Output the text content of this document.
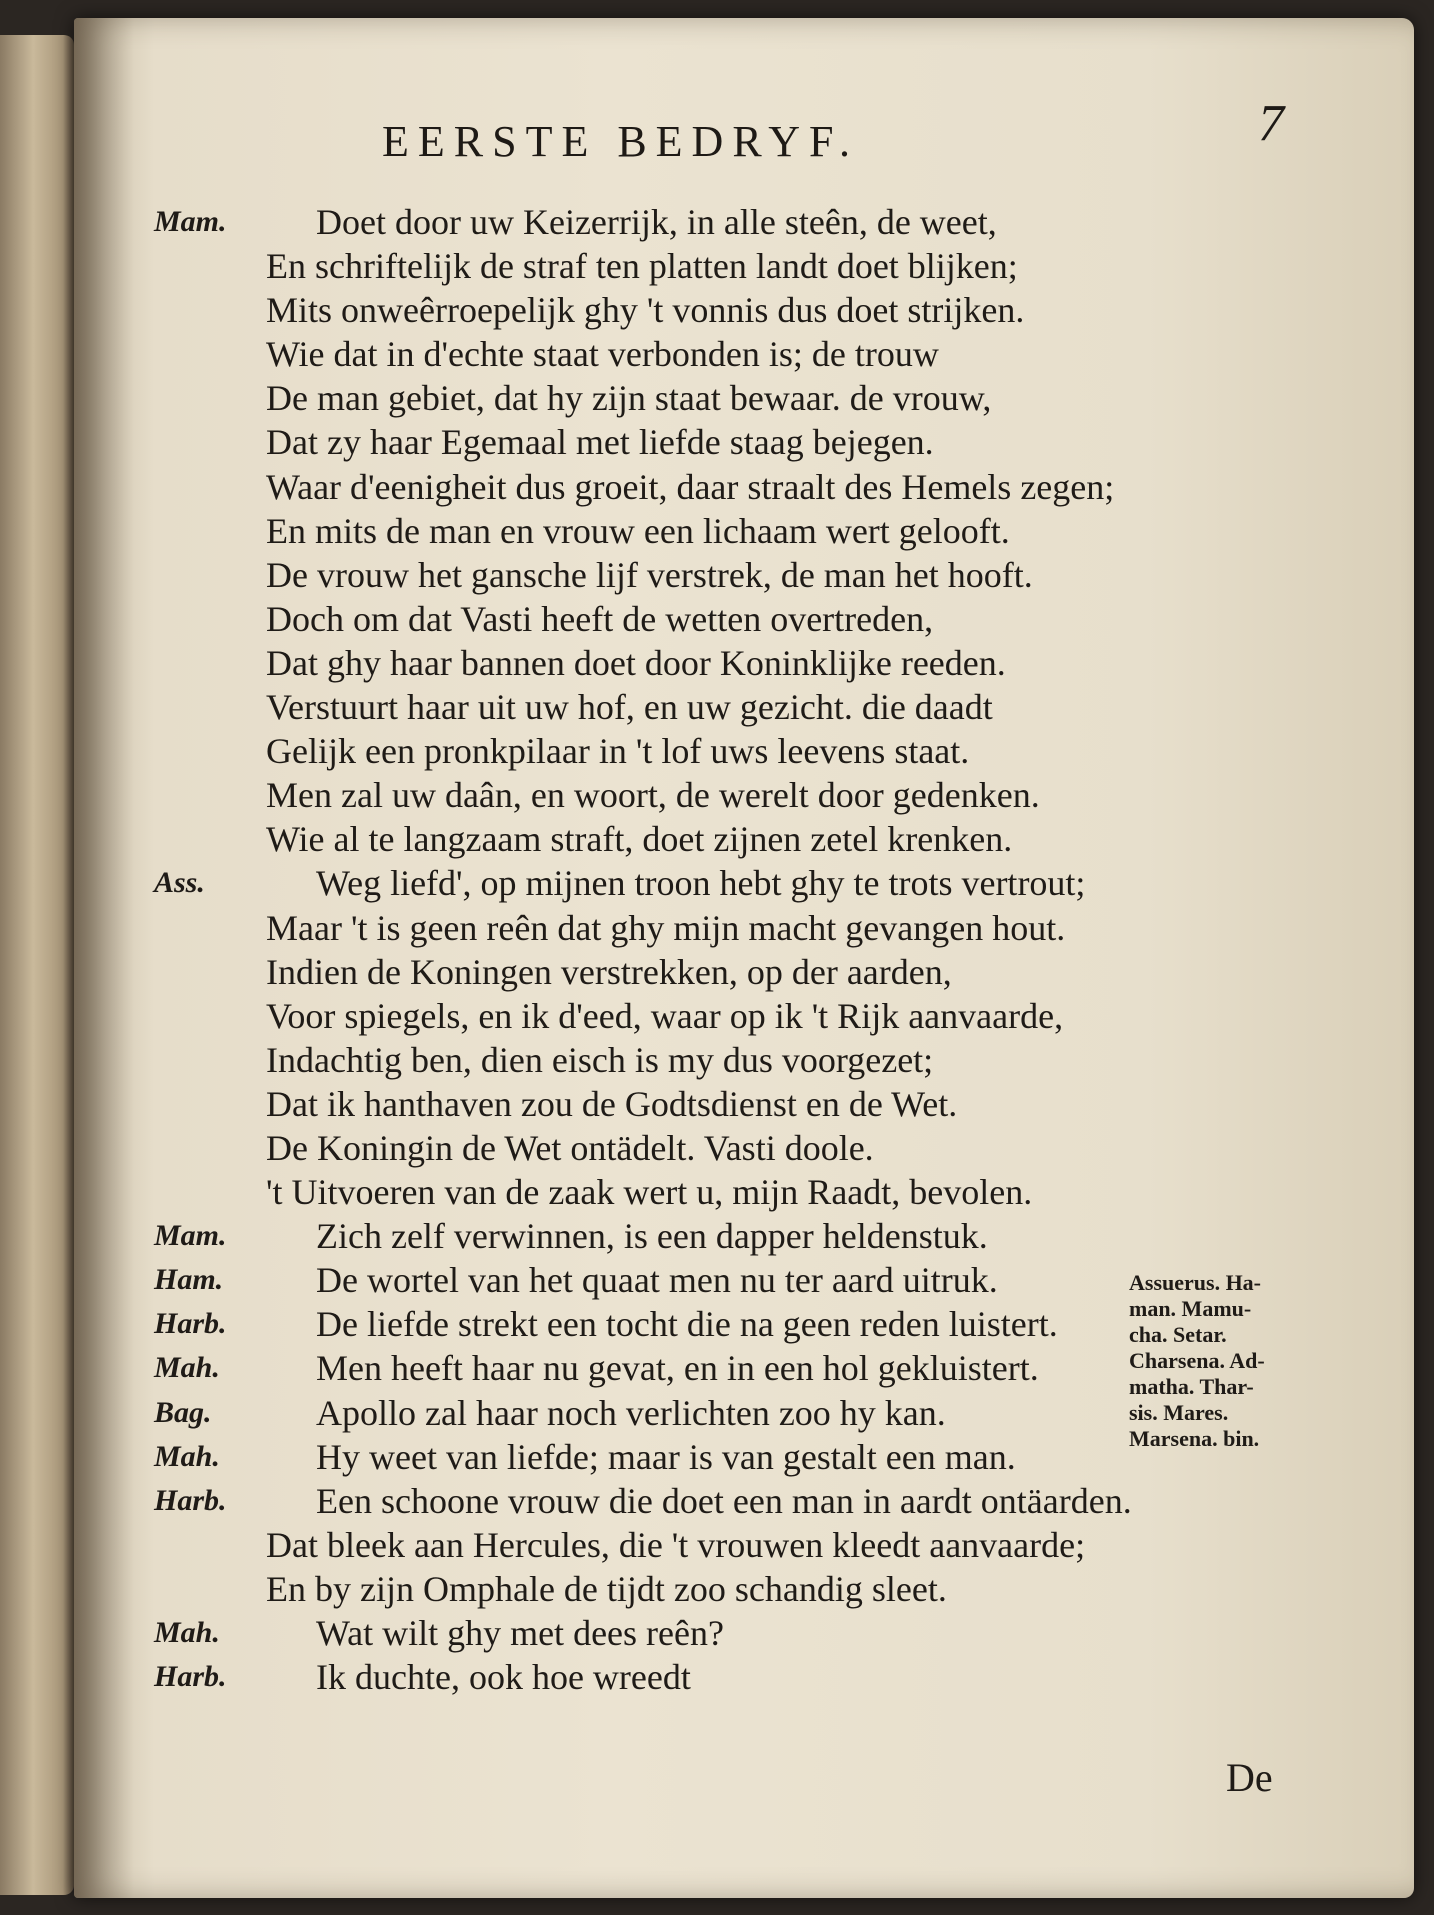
EERSTE BEDRYF.	7
Mam. Doet door uw Keizerrijk, in alle steên, de weet,
En schriftelijk de straf ten platten landt doet blijken;
Mits onweêrroepelijk ghy 't vonnis dus doet strijken.
Wie dat in d'echte staat verbonden is; de trouw
De man gebiet, dat hy zijn staat bewaar. de vrouw,
Dat zy haar Egemaal met liefde staag bejegen.
Waar d'eenigheit dus groeit, daar straalt des Hemels zegen;
En mits de man en vrouw een lichaam wert gelooft.
De vrouw het gansche lijf verstrek, de man het hooft.
Doch om dat Vasti heeft de wetten overtreden,
Dat ghy haar bannen doet door Koninklijke reeden.
Verstuurt haar uit uw hof, en uw gezicht. die daadt
Gelijk een pronkpilaar in 't lof uws leevens staat.
Men zal uw daân, en woort, de werelt door gedenken.
Wie al te langzaam straft, doet zijnen zetel krenken.
Ass.	Weg liefd', op mijnen troon hebt ghy te trots vertrout;
Maar 't is geen reên dat ghy mijn macht gevangen hout.
Indien de Koningen verstrekken, op der aarden,
Voor spiegels, en ik d'eed, waar op ik 't Rijk aanvaarde,
Indachtig ben, dien eisch is my dus voorgezet;
Dat ik hanthaven zou de Godtsdienst en de Wet.
De Koningin de Wet ontädelt. Vasti doole.
't Uitvoeren van de zaak wert u, mijn Raadt, bevolen.
Mam. Zich zelf verwinnen, is een dapper heldenstuk.
Ham.	De wortel van het quaat men nu ter aard uitruk.
Harb. De liefde strekt een tocht die na geen reden luistert.
Mah.	Men heeft haar nu gevat, en in een hol gekluistert.
Bag.	Apollo zal haar noch verlichten zoo hy kan.
Mah.	Hy weet van liefde; maar is van gestalt een man.
Harb. Een schoone vrouw die doet een man in aardt ontäarden.
Dat bleek aan Hercules, die 't vrouwen kleedt aanvaarde;
En by zijn Omphale de tijdt zoo schandig sleet.
Mah.	Wat wilt ghy met dees reên?
Harb. Ik duchte, ook hoe wreedt
Assuerus. Ha-
man. Mamu-
cha. Setar.
Charsena. Ad-
matha. Thar-
sis. Mares.
Marsena. bin.
De
